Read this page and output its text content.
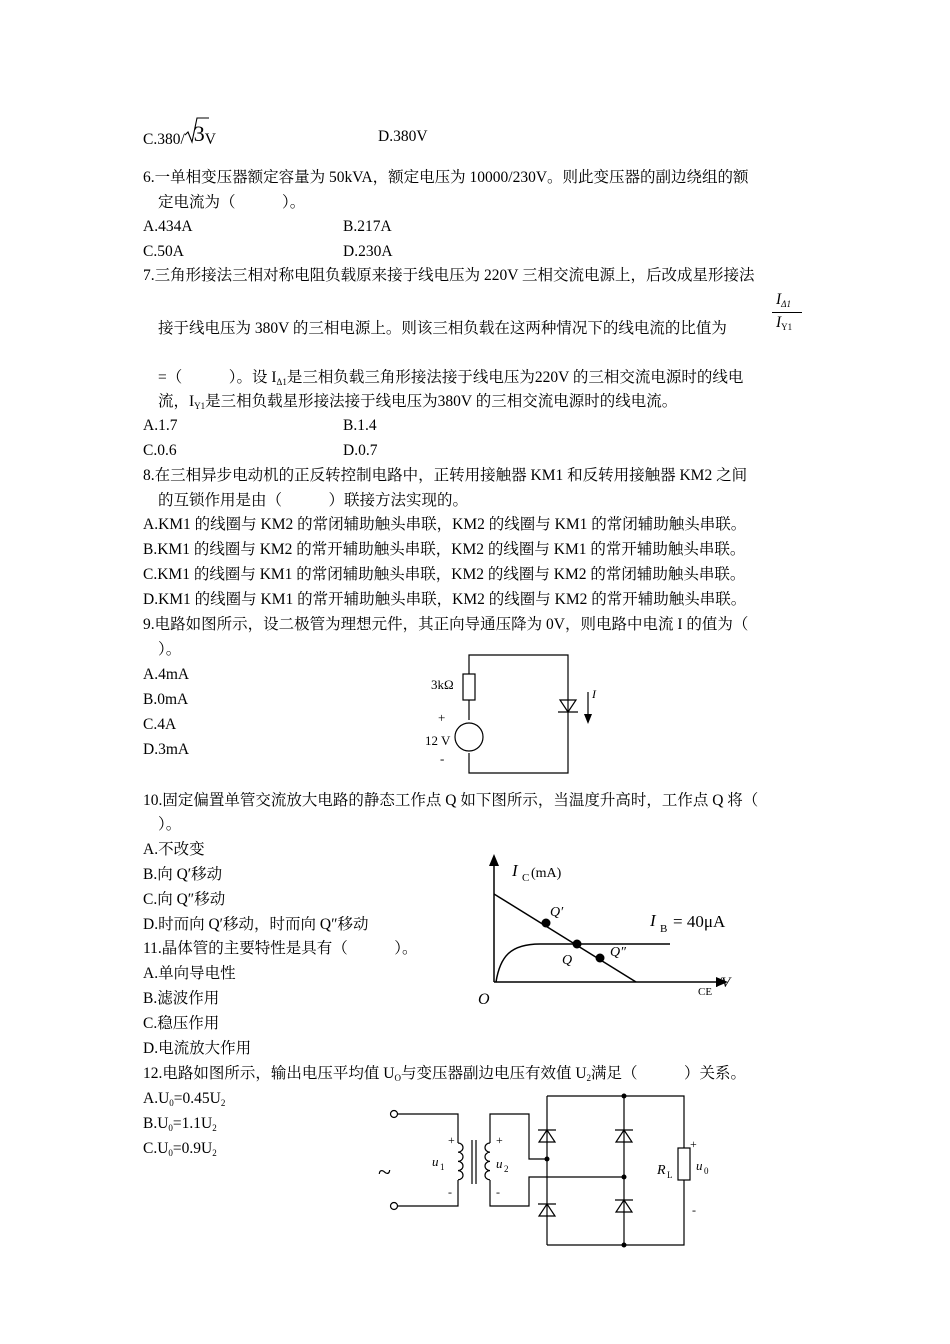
C.380/ 3V	D.380V
6.一单相变压器额定容量为 50kVA，额定电压为 10000/230V。则此变压器的副边绕组的额
定电流为（　　　）。
A.434A	B.217A
C.50A	D.230A
7.三角形接法三相对称电阻负载原来接于线电压为 220V 三相交流电源上，后改成星形接法
接于线电压为 380V 的三相电源上。则该三相负载在这两种情况下的线电流的比值为
$I_{\Delta 1}$
$I_{Y1}$
=（　　　）。设 $I_{\Delta 1}$是三相负载三角形接法接于线电压为220V 的三相交流电源时的线电
流，$I_{Y1}$是三相负载星形接法接于线电压为380V 的三相交流电源时的线电流。
A.1.7	B.1.4
C.0.6	D.0.7
8.在三相异步电动机的正反转控制电路中，正转用接触器 KM1 和反转用接触器 KM2 之间
的互锁作用是由（　　　）联接方法实现的。
A.KM1 的线圈与 KM2 的常闭辅助触头串联，KM2 的线圈与 KM1 的常闭辅助触头串联。
B.KM1 的线圈与 KM2 的常开辅助触头串联，KM2 的线圈与 KM1 的常开辅助触头串联。
C.KM1 的线圈与 KM1 的常闭辅助触头串联，KM2 的线圈与 KM2 的常闭辅助触头串联。
D.KM1 的线圈与 KM1 的常开辅助触头串联，KM2 的线圈与 KM2 的常开辅助触头串联。
9.电路如图所示，设二极管为理想元件，其正向导通压降为 0V，则电路中电流 I 的值为（
）。
A.4mA
B.0mA
C.4A
D.3mA
3kΩ
+
12 V
-
I
10.固定偏置单管交流放大电路的静态工作点 Q 如下图所示，当温度升高时，工作点 Q 将（
）。
A.不改变
B.向 Q′移动
C.向 Q″移动
D.时而向 Q′移动，时而向 Q″移动
I C (mA)
CE
/V
O
Q′
Q
Q″
I B = 40μA
11.晶体管的主要特性是具有（　　　）。
A.单向导电性
B.滤波作用
C.稳压作用
D.电流放大作用
12.电路如图所示，输出电压平均值 $U_O$与变压器副边电压有效值 $U_2$满足（　　　）关系。
$A.U_0=0.45U_2$
$B.U_0=1.1U_2$
$C.U_0=0.9U_2$
~
+
-
u 1
+
-
u 2	R L
+
u 0
-
